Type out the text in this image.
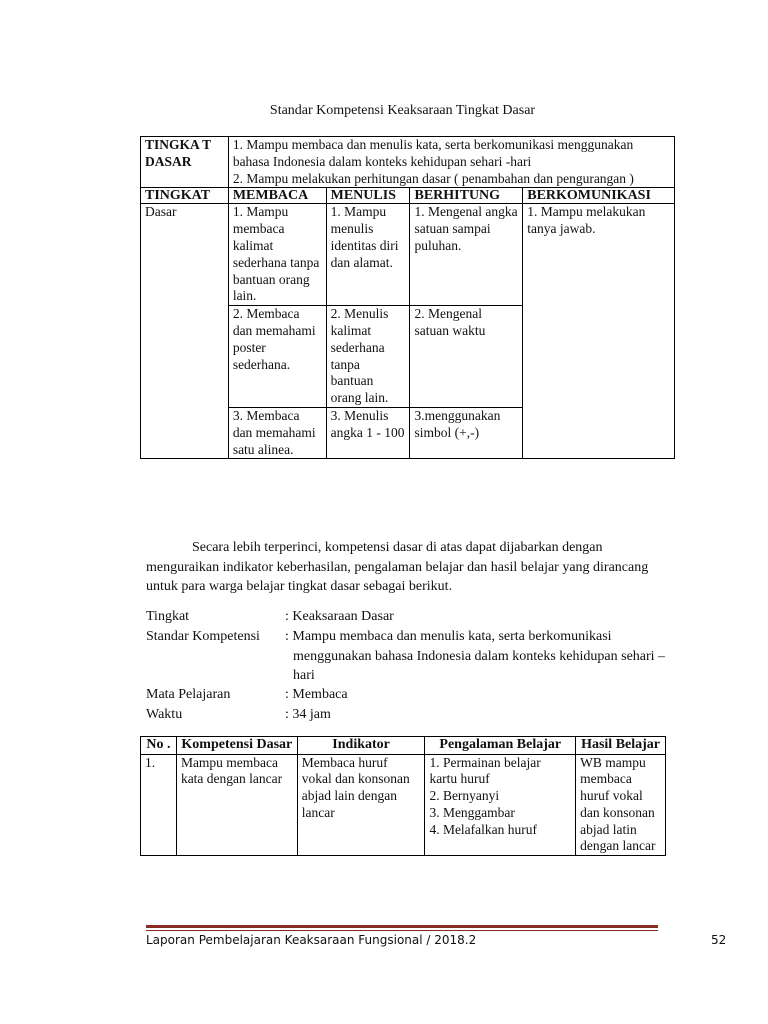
Standar Kompetensi Keaksaraan Tingkat Dasar
TINGKA T DASAR	1. Mampu membaca dan menulis kata, serta berkomunikasi menggunakan bahasa Indonesia dalam konteks kehidupan sehari -hari
2. Mampu melakukan perhitungan dasar ( penambahan dan pengurangan )			

TINGKAT	MEMBACA	MENULIS	BERHITUNG	BERKOMUNIKASI
Dasar	1. Mampu membaca kalimat sederhana tanpa bantuan orang lain.	1. Mampu menulis identitas diri dan alamat.	1. Mengenal angka satuan sampai puluhan.	1. Mampu melakukan tanya jawab.
	2. Membaca dan memahami poster sederhana.	2. Menulis kalimat sederhana tanpa bantuan orang lain.	2. Mengenal satuan waktu	
	3. Membaca dan memahami satu alinea.	3. Menulis angka 1 - 100	3.menggunakan simbol (+,-)	
Secara lebih terperinci, kompetensi dasar di atas dapat dijabarkan dengan menguraikan indikator keberhasilan, pengalaman belajar dan hasil belajar yang dirancang untuk para warga belajar tingkat dasar sebagai berikut.
Tingkat	: Keaksaraan Dasar
Standar Kompetensi : Mampu membaca dan menulis kata, serta berkomunikasi menggunakan bahasa Indonesia dalam konteks kehidupan sehari – hari
Mata Pelajaran	: Membaca
Waktu	: 34 jam
No .	Kompetensi Dasar	Indikator	Pengalaman Belajar	Hasil Belajar
1.	Mampu membaca kata dengan lancar	Membaca huruf vokal dan konsonan abjad lain dengan lancar	1. Permainan belajar kartu huruf
2. Bernyanyi
3. Menggambar
4. Melafalkan huruf	WB mampu membaca huruf vokal dan konsonan abjad latin dengan lancar
Laporan Pembelajaran Keaksaraan Fungsional / 2018.2	52
